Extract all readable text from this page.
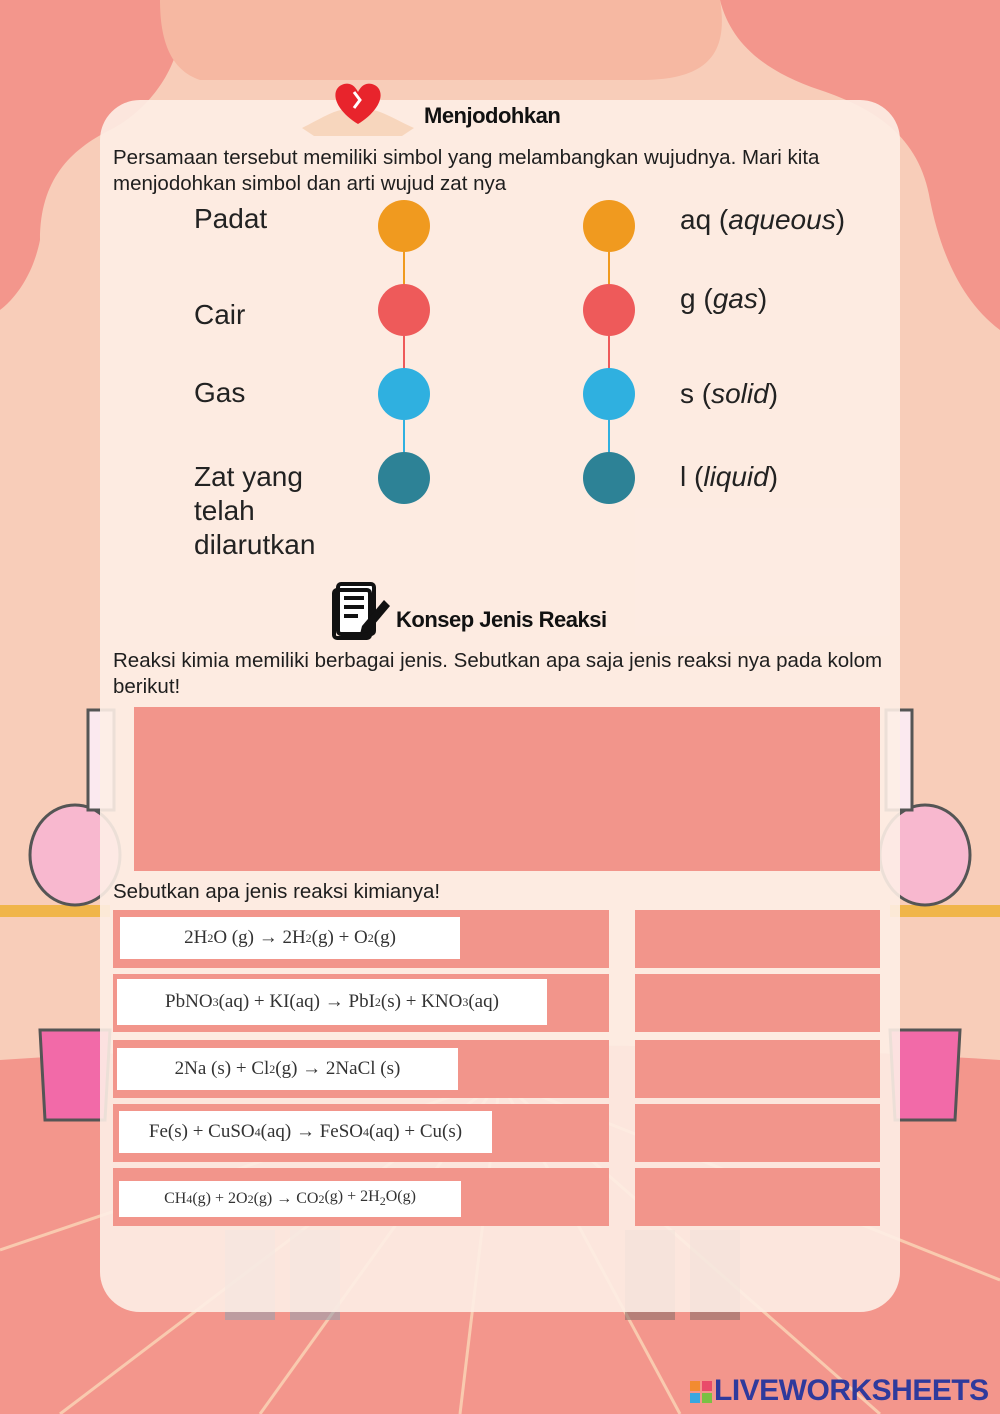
Menjodohkan
Persamaan tersebut memiliki simbol yang melambangkan wujudnya. Mari kita menjodohkan simbol dan arti wujud zat nya
Padat
Cair
Gas
Zat yang telah dilarutkan
aq (aqueous)
g (gas)
s (solid)
l (liquid)
Konsep Jenis Reaksi
Reaksi kimia memiliki berbagai jenis. Sebutkan apa saja jenis reaksi nya pada kolom berikut!
Sebutkan apa jenis reaksi kimianya!
2H 2 O (g) → 2H 2 (g) + O 2 (g)
PbNO 3 (aq) + KI(aq) → PbI 2 (s) + KNO 3 (aq)
2Na (s) + Cl 2 (g) → 2NaCl (s)
Fe(s) + CuSO 4 (aq) → FeSO 4 (aq) + Cu(s)
CH 4 (g) + 2O 2 (g) → CO 2 $(g) + 2H_2O(g)$
LIVEWORKSHEETS
